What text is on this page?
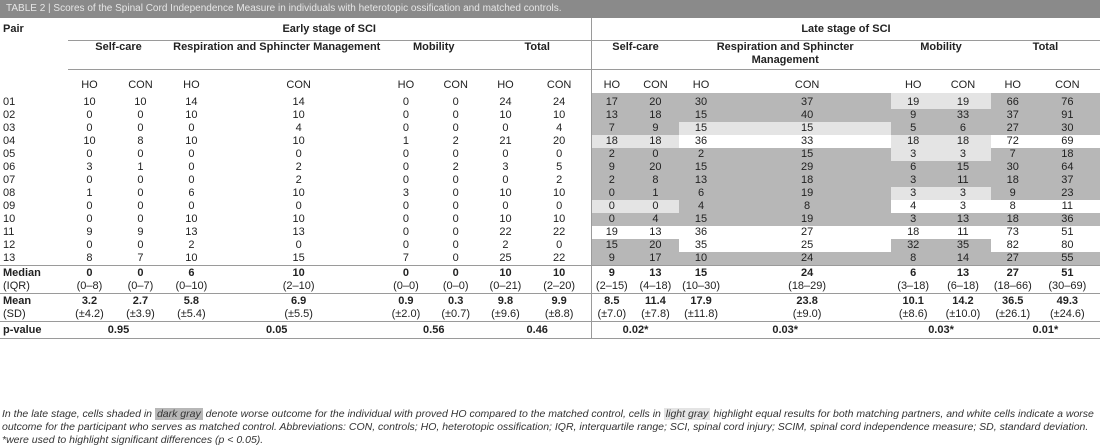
TABLE 2 | Scores of the Spinal Cord Independence Measure in individuals with heterotopic ossification and matched controls.
Pair	Early stage of SCI								Late stage of SCI							
	Self-care		Respiration and Sphincter Management		Mobility		Total		Self-care		Respiration and Sphincter Management		Mobility		Total	
	HO	CON	HO	CON	HO	CON	HO	CON	HO	CON	HO	CON	HO	CON	HO	CON
01	10	10	14	14	0	0	24	24	17	20	30	37	19	19	66	76
02	0	0	10	10	0	0	10	10	13	18	15	40	9	33	37	91
03	0	0	0	4	0	0	0	4	7	9	15	15	5	6	27	30
04	10	8	10	10	1	2	21	20	18	18	36	33	18	18	72	69
05	0	0	0	0	0	0	0	0	2	0	2	15	3	3	7	18
06	3	1	0	2	0	2	3	5	9	20	15	29	6	15	30	64
07	0	0	0	2	0	0	0	2	2	8	13	18	3	11	18	37
08	1	0	6	10	3	0	10	10	0	1	6	19	3	3	9	23
09	0	0	0	0	0	0	0	0	0	0	4	8	4	3	8	11
10	0	0	10	10	0	0	10	10	0	4	15	19	3	13	18	36
11	9	9	13	13	0	0	22	22	19	13	36	27	18	11	73	51
12	0	0	2	0	0	0	2	0	15	20	35	25	32	35	82	80
13	8	7	10	15	7	0	25	22	9	17	10	24	8	14	27	55
Median	0	0	6	10	0	0	10	10	9	13	15	24	6	13	27	51
(IQR)	(0–8)	(0–7)	(0–10)	(2–10)	(0–0)	(0–0)	(0–21)	(2–20)	(2–15)	(4–18)	(10–30)	(18–29)	(3–18)	(6–18)	(18–66)	(30–69)
Mean	3.2	2.7	5.8	6.9	0.9	0.3	9.8	9.9	8.5	11.4	17.9	23.8	10.1	14.2	36.5	49.3
(SD)	(±4.2)	(±3.9)	(±5.4)	(±5.5)	(±2.0)	(±0.7)	(±9.6)	(±8.8)	(±7.0)	(±7.8)	(±11.8)	(±9.0)	(±8.6)	(±10.0)	(±26.1)	(±24.6)
p-value	0.95		0.05		0.56		0.46		0.02*		0.03*		0.03*		0.01*	
In the late stage, cells shaded in dark gray denote worse outcome for the individual with proved HO compared to the matched control, cells in light gray highlight equal results for both matching partners, and white cells indicate a worse outcome for the participant who serves as matched control. Abbreviations: CON, controls; HO, heterotopic ossification; IQR, interquartile range; SCI, spinal cord injury; SCIM, spinal cord independence measure; SD, standard deviation.
*were used to highlight significant differences (p < 0.05).
